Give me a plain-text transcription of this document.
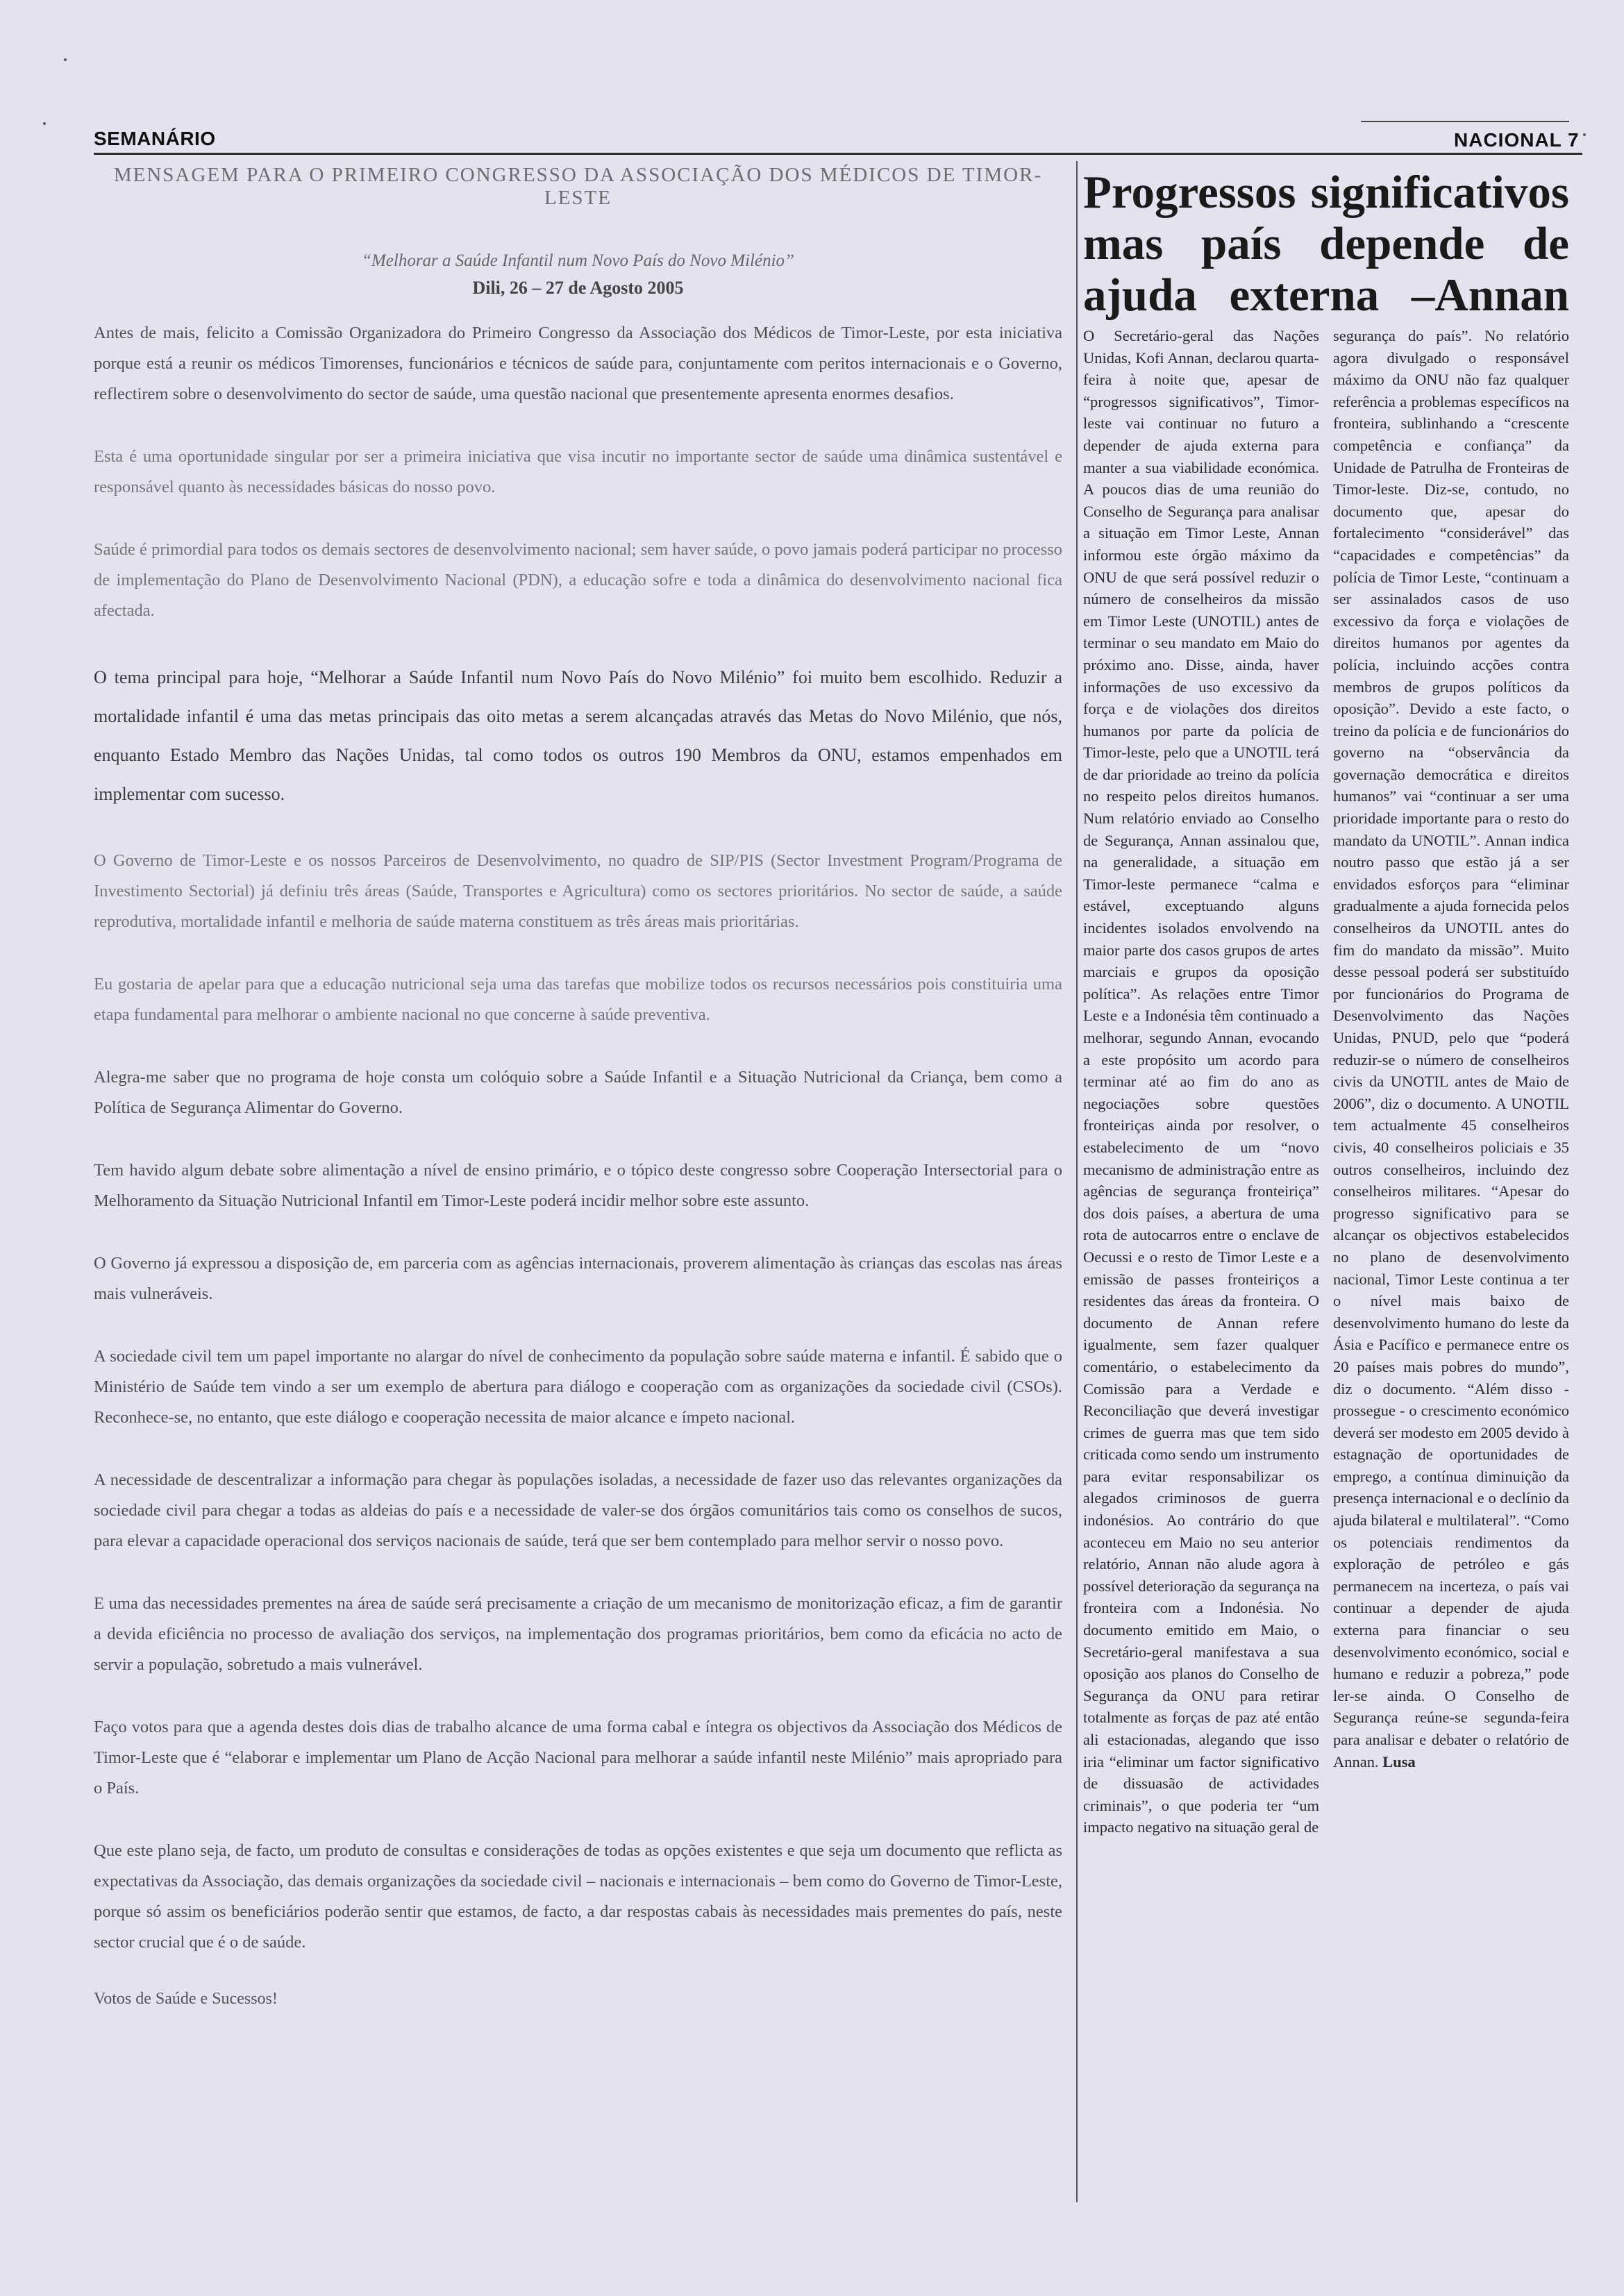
SEMANÁRIO	NACIONAL 7
MENSAGEM PARA O PRIMEIRO CONGRESSO DA ASSOCIAÇÃO DOS MÉDICOS DE TIMOR-LESTE
“Melhorar a Saúde Infantil num Novo País do Novo Milénio”
Dili, 26 – 27 de Agosto 2005

Antes de mais, felicito a Comissão Organizadora do Primeiro Congresso da Associação dos Médicos de Timor-Leste, por esta iniciativa porque está a reunir os médicos Timorenses, funcionários e técnicos de saúde para, conjuntamente com peritos internacionais e o Governo, reflectirem sobre o desenvolvimento do sector de saúde, uma questão nacional que presentemente apresenta enormes desafios.

Esta é uma oportunidade singular por ser a primeira iniciativa que visa incutir no importante sector de saúde uma dinâmica sustentável e responsável quanto às necessidades básicas do nosso povo.

Saúde é primordial para todos os demais sectores de desenvolvimento nacional; sem haver saúde, o povo jamais poderá participar no processo de implementação do Plano de Desenvolvimento Nacional (PDN), a educação sofre e toda a dinâmica do desenvolvimento nacional fica afectada.

O tema principal para hoje, “Melhorar a Saúde Infantil num Novo País do Novo Milénio” foi muito bem escolhido. Reduzir a mortalidade infantil é uma das metas principais das oito metas a serem alcançadas através das Metas do Novo Milénio, que nós, enquanto Estado Membro das Nações Unidas, tal como todos os outros 190 Membros da ONU, estamos empenhados em implementar com sucesso.

O Governo de Timor-Leste e os nossos Parceiros de Desenvolvimento, no quadro de SIP/PIS (Sector Investment Program/Programa de Investimento Sectorial) já definiu três áreas (Saúde, Transportes e Agricultura) como os sectores prioritários. No sector de saúde, a saúde reprodutiva, mortalidade infantil e melhoria de saúde materna constituem as três áreas mais prioritárias.

Eu gostaria de apelar para que a educação nutricional seja uma das tarefas que mobilize todos os recursos necessários pois constituiria uma etapa fundamental para melhorar o ambiente nacional no que concerne à saúde preventiva.

Alegra-me saber que no programa de hoje consta um colóquio sobre a Saúde Infantil e a Situação Nutricional da Criança, bem como a Política de Segurança Alimentar do Governo.

Tem havido algum debate sobre alimentação a nível de ensino primário, e o tópico deste congresso sobre Cooperação Intersectorial para o Melhoramento da Situação Nutricional Infantil em Timor-Leste poderá incidir melhor sobre este assunto.

O Governo já expressou a disposição de, em parceria com as agências internacionais, proverem alimentação às crianças das escolas nas áreas mais vulneráveis.

A sociedade civil tem um papel importante no alargar do nível de conhecimento da população sobre saúde materna e infantil. É sabido que o Ministério de Saúde tem vindo a ser um exemplo de abertura para diálogo e cooperação com as organizações da sociedade civil (CSOs). Reconhece-se, no entanto, que este diálogo e cooperação necessita de maior alcance e ímpeto nacional.

A necessidade de descentralizar a informação para chegar às populações isoladas, a necessidade de fazer uso das relevantes organizações da sociedade civil para chegar a todas as aldeias do país e a necessidade de valer-se dos órgãos comunitários tais como os conselhos de sucos, para elevar a capacidade operacional dos serviços nacionais de saúde, terá que ser bem contemplado para melhor servir o nosso povo.

E uma das necessidades prementes na área de saúde será precisamente a criação de um mecanismo de monitorização eficaz, a fim de garantir a devida eficiência no processo de avaliação dos serviços, na implementação dos programas prioritários, bem como da eficácia no acto de servir a população, sobretudo a mais vulnerável.

Faço votos para que a agenda destes dois dias de trabalho alcance de uma forma cabal e íntegra os objectivos da Associação dos Médicos de Timor-Leste que é “elaborar e implementar um Plano de Acção Nacional para melhorar a saúde infantil neste Milénio” mais apropriado para o País.

Que este plano seja, de facto, um produto de consultas e considerações de todas as opções existentes e que seja um documento que reflicta as expectativas da Associação, das demais organizações da sociedade civil – nacionais e internacionais – bem como do Governo de Timor-Leste, porque só assim os beneficiários poderão sentir que estamos, de facto, a dar respostas cabais às necessidades mais prementes do país, neste sector crucial que é o de saúde.

Votos de Saúde e Sucessos!
Progressos significativos
mas país depende de
ajuda externa –Annan
O Secretário-geral das Nações Unidas, Kofi Annan, declarou quarta-feira à noite que, apesar de “progressos significativos”, Timor-leste vai continuar no futuro a depender de ajuda externa para manter a sua viabilidade económica. A poucos dias de uma reunião do Conselho de Segurança para analisar a situação em Timor Leste, Annan informou este órgão máximo da ONU de que será possível reduzir o número de conselheiros da missão em Timor Leste (UNOTIL) antes de terminar o seu mandato em Maio do próximo ano. Disse, ainda, haver informações de uso excessivo da força e de violações dos direitos humanos por parte da polícia de Timor-leste, pelo que a UNOTIL terá de dar prioridade ao treino da polícia no respeito pelos direitos humanos. Num relatório enviado ao Conselho de Segurança, Annan assinalou que, na generalidade, a situação em Timor-leste permanece “calma e estável, exceptuando alguns incidentes isolados envolvendo na maior parte dos casos grupos de artes marciais e grupos da oposição política”. As relações entre Timor Leste e a Indonésia têm continuado a melhorar, segundo Annan, evocando a este propósito um acordo para terminar até ao fim do ano as negociações sobre questões fronteiriças ainda por resolver, o estabelecimento de um “novo mecanismo de administração entre as agências de segurança fronteiriça” dos dois países, a abertura de uma rota de autocarros entre o enclave de Oecussi e o resto de Timor Leste e a emissão de passes fronteiriços a residentes das áreas da fronteira. O documento de Annan refere igualmente, sem fazer qualquer comentário, o estabelecimento da Comissão para a Verdade e Reconciliação que deverá investigar crimes de guerra mas que tem sido criticada como sendo um instrumento para evitar responsabilizar os alegados criminosos de guerra indonésios. Ao contrário do que aconteceu em Maio no seu anterior relatório, Annan não alude agora à possível deterioração da segurança na fronteira com a Indonésia. No documento emitido em Maio, o Secretário-geral manifestava a sua oposição aos planos do Conselho de Segurança da ONU para retirar totalmente as forças de paz até então ali estacionadas, alegando que isso iria “eliminar um factor significativo de dissuasão de actividades criminais”, o que poderia ter “um impacto negativo na situação geral de
segurança do país”. No relatório agora divulgado o responsável máximo da ONU não faz qualquer referência a problemas específicos na fronteira, sublinhando a “crescente competência e confiança” da Unidade de Patrulha de Fronteiras de Timor-leste. Diz-se, contudo, no documento que, apesar do fortalecimento “considerável” das “capacidades e competências” da polícia de Timor Leste, “continuam a ser assinalados casos de uso excessivo da força e violações de direitos humanos por agentes da polícia, incluindo acções contra membros de grupos políticos da oposição”. Devido a este facto, o treino da polícia e de funcionários do governo na “observância da governação democrática e direitos humanos” vai “continuar a ser uma prioridade importante para o resto do mandato da UNOTIL”. Annan indica noutro passo que estão já a ser envidados esforços para “eliminar gradualmente a ajuda fornecida pelos conselheiros da UNOTIL antes do fim do mandato da missão”. Muito desse pessoal poderá ser substituído por funcionários do Programa de Desenvolvimento das Nações Unidas, PNUD, pelo que “poderá reduzir-se o número de conselheiros civis da UNOTIL antes de Maio de 2006”, diz o documento. A UNOTIL tem actualmente 45 conselheiros civis, 40 conselheiros policiais e 35 outros conselheiros, incluindo dez conselheiros militares. “Apesar do progresso significativo para se alcançar os objectivos estabelecidos no plano de desenvolvimento nacional, Timor Leste continua a ter o nível mais baixo de desenvolvimento humano do leste da Ásia e Pacífico e permanece entre os 20 países mais pobres do mundo”, diz o documento. “Além disso - prossegue - o crescimento económico deverá ser modesto em 2005 devido à estagnação de oportunidades de emprego, a contínua diminuição da presença internacional e o declínio da ajuda bilateral e multilateral”. “Como os potenciais rendimentos da exploração de petróleo e gás permanecem na incerteza, o país vai continuar a depender de ajuda externa para financiar o seu desenvolvimento económico, social e humano e reduzir a pobreza,” pode ler-se ainda. O Conselho de Segurança reúne-se segunda-feira para analisar e debater o relatório de Annan. Lusa
